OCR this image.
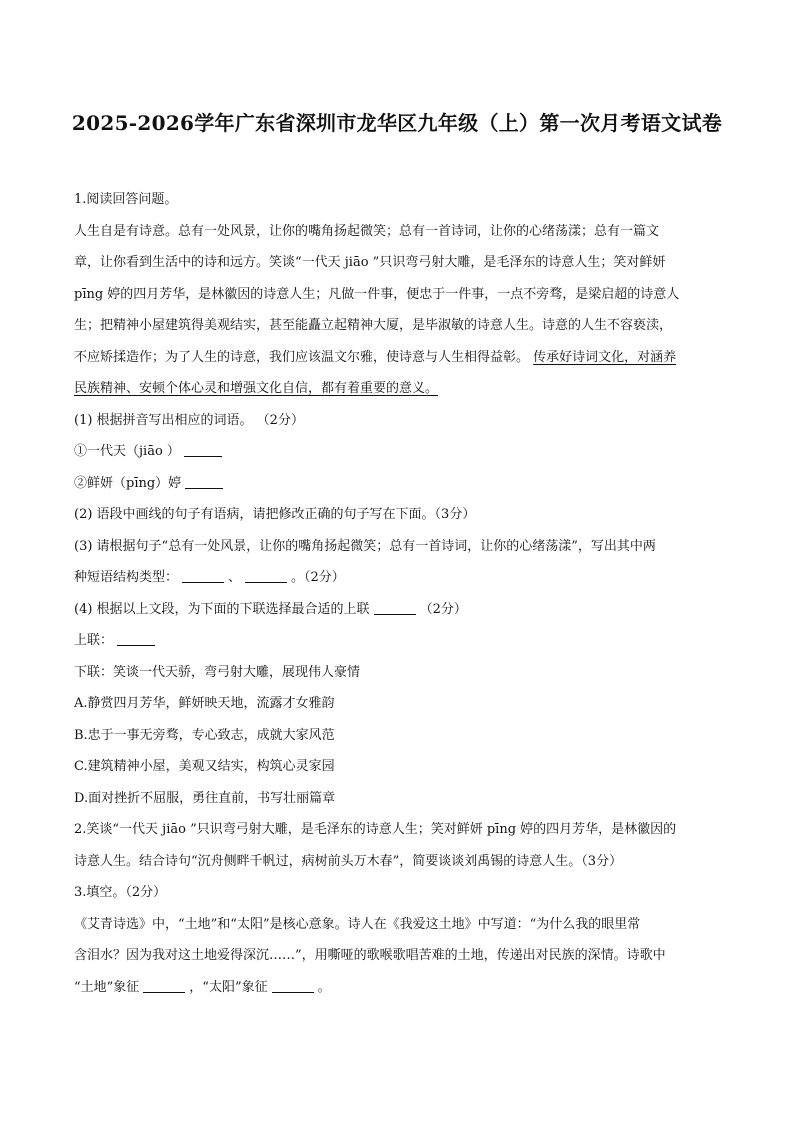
2025-2026学年广东省深圳市龙华区九年级（上）第一次月考语文试卷
1.阅读回答问题。
人生自是有诗意。总有一处风景，让你的嘴角扬起微笑；总有一首诗词，让你的心绪荡漾；总有一篇文
章，让你看到生活中的诗和远方。笑谈“一代天 jiāo ”只识弯弓射大雕，是毛泽东的诗意人生；笑对鲜妍
pīng 婷的四月芳华，是林徽因的诗意人生；凡做一件事，便忠于一件事，一点不旁骛，是梁启超的诗意人
生；把精神小屋建筑得美观结实，甚至能矗立起精神大厦，是毕淑敏的诗意人生。诗意的人生不容亵渎，
不应矫揉造作；为了人生的诗意，我们应该温文尔雅，使诗意与人生相得益彰。 传承好诗词文化，对涵养
民族精神、安顿个体心灵和增强文化自信，都有着重要的意义。
(1) 根据拼音写出相应的词语。 （2分）
①一代天（jiāo ）
②鲜妍（pīng）婷
(2) 语段中画线的句子有语病，请把修改正确的句子写在下面。（3分）
(3) 请根据句子“总有一处风景，让你的嘴角扬起微笑；总有一首诗词，让你的心绪荡漾”，写出其中两
种短语结构类型：	、	。（2分）
(4) 根据以上文段，为下面的下联选择最合适的上联	（2分）
上联：
下联：笑谈一代天骄，弯弓射大雕，展现伟人豪情
A.静赏四月芳华，鲜妍映天地，流露才女雅韵
B.忠于一事无旁骛，专心致志，成就大家风范
C.建筑精神小屋，美观又结实，构筑心灵家园
D.面对挫折不屈服，勇往直前，书写壮丽篇章
2.笑谈“一代天 jiāo ”只识弯弓射大雕，是毛泽东的诗意人生；笑对鲜妍 pīng 婷的四月芳华，是林徽因的
诗意人生。结合诗句“沉舟侧畔千帆过，病树前头万木春”，简要谈谈刘禹锡的诗意人生。（3分）
3.填空。（2分）
《艾青诗选》中，“土地”和“太阳”是核心意象。诗人在《我爱这土地》中写道：“为什么我的眼里常
含泪水？因为我对这土地爱得深沉……”，用嘶哑的歌喉歌唱苦难的土地，传递出对民族的深情。诗歌中
“土地”象征	，“太阳”象征	。
